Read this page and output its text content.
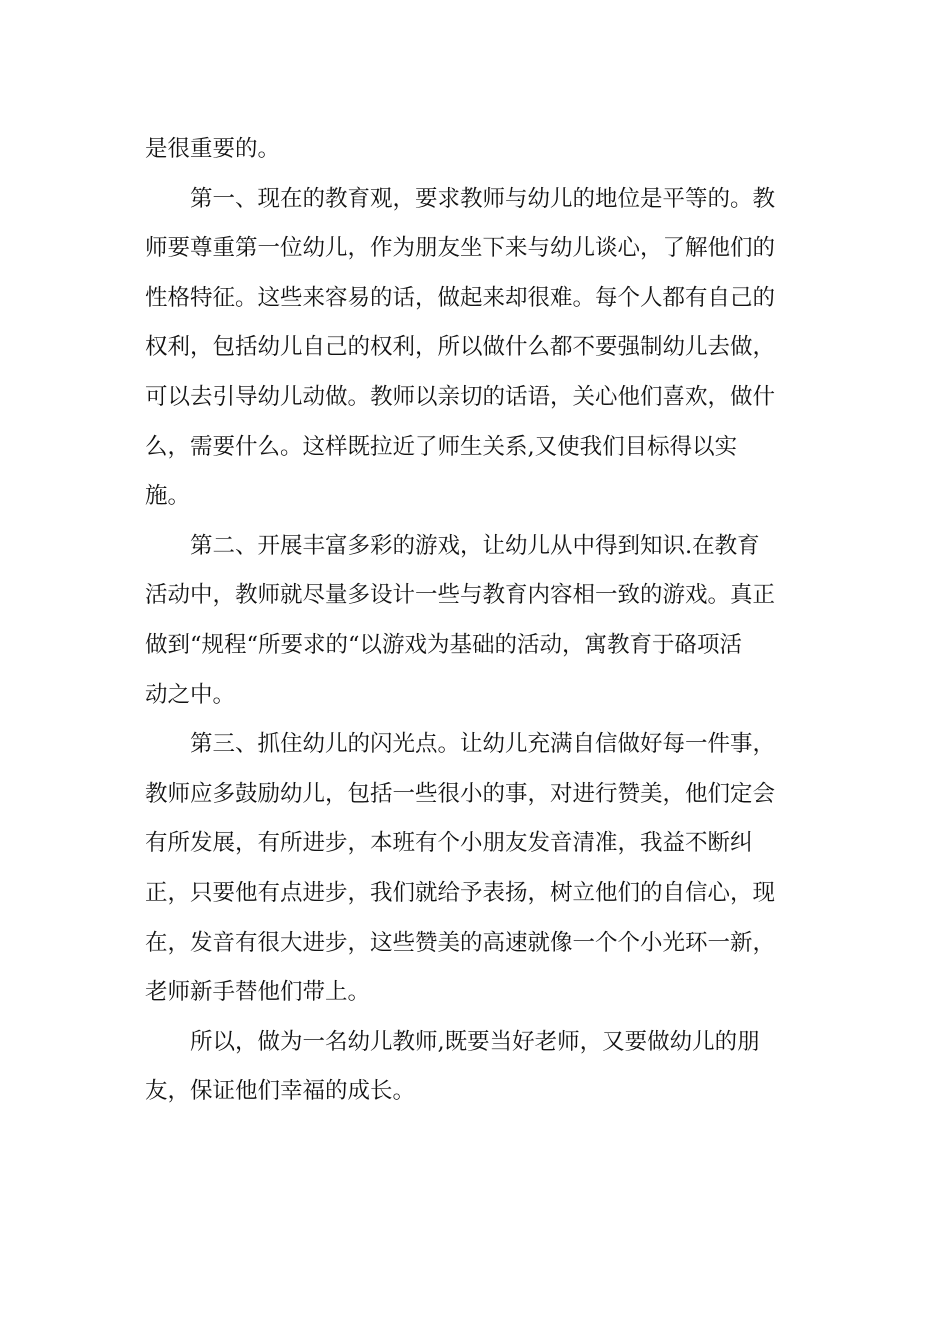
是很重要的。
第一、现在的教育观，要求教师与幼儿的地位是平等的。教
师要尊重第一位幼儿，作为朋友坐下来与幼儿谈心，了解他们的
性格特征。这些来容易的话，做起来却很难。每个人都有自己的
权利，包括幼儿自己的权利，所以做什么都不要强制幼儿去做，
可以去引导幼儿动做。教师以亲切的话语，关心他们喜欢，做什
么，需要什么。这样既拉近了师生关系,又使我们目标得以实
施。
第二、开展丰富多彩的游戏，让幼儿从中得到知识.在教育
活动中，教师就尽量多设计一些与教育内容相一致的游戏。真正
做到“规程“所要求的“以游戏为基础的活动，寓教育于硌项活
动之中。
第三、抓住幼儿的闪光点。让幼儿充满自信做好每一件事，
教师应多鼓励幼儿，包括一些很小的事，对进行赞美，他们定会
有所发展，有所进步，本班有个小朋友发音清准，我益不断纠
正，只要他有点进步，我们就给予表扬，树立他们的自信心，现
在，发音有很大进步，这些赞美的高速就像一个个小光环一新，
老师新手替他们带上。
所以，做为一名幼儿教师,既要当好老师，又要做幼儿的朋
友，保证他们幸福的成长。
